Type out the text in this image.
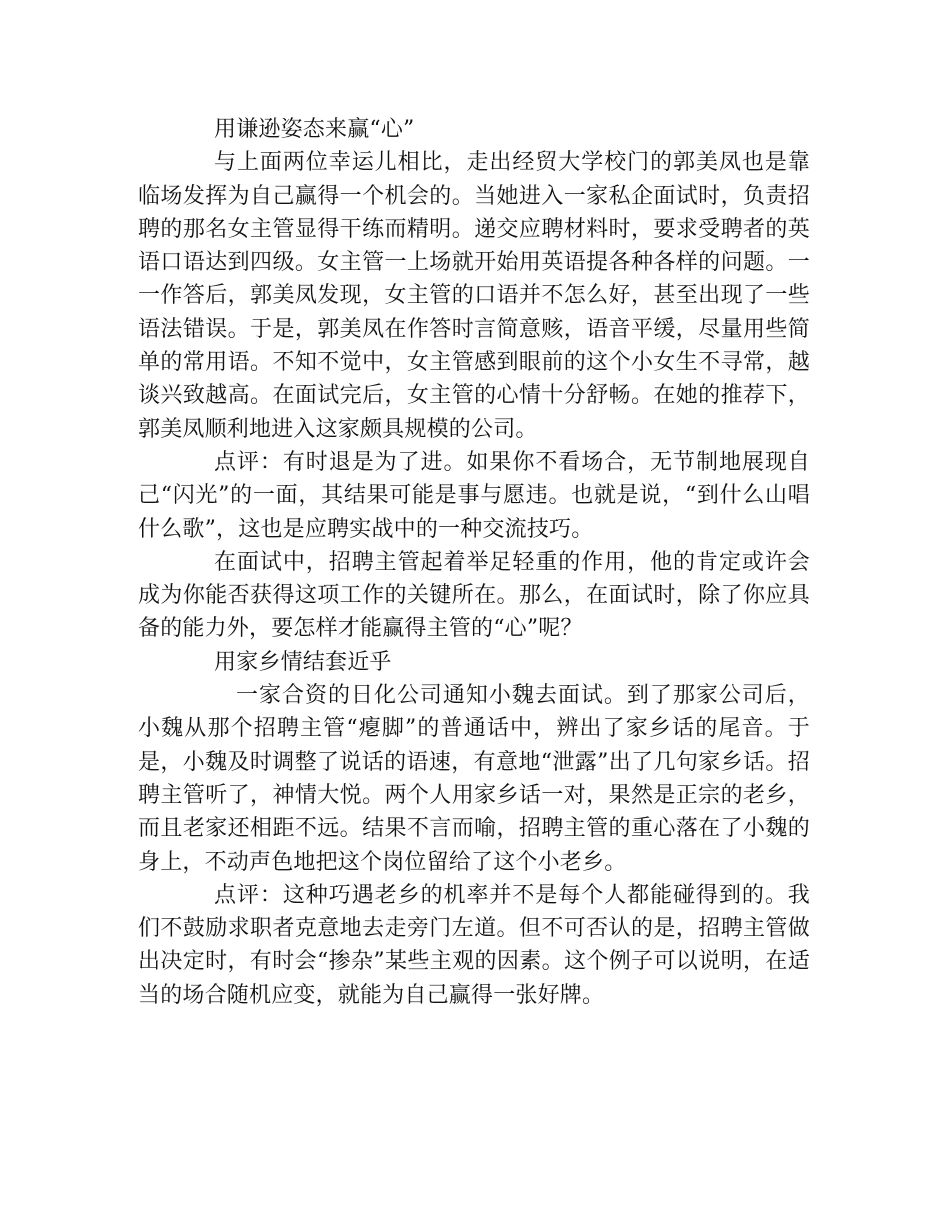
用谦逊姿态来赢“心”

与上面两位幸运儿相比，走出经贸大学校门的郭美凤也是靠临场发挥为自己赢得一个机会的。当她进入一家私企面试时，负责招聘的那名女主管显得干练而精明。递交应聘材料时，要求受聘者的英语口语达到四级。女主管一上场就开始用英语提各种各样的问题。一一作答后，郭美凤发现，女主管的口语并不怎么好，甚至出现了一些语法错误。于是，郭美凤在作答时言简意赅，语音平缓，尽量用些简单的常用语。不知不觉中，女主管感到眼前的这个小女生不寻常，越谈兴致越高。在面试完后，女主管的心情十分舒畅。在她的推荐下，郭美凤顺利地进入这家颇具规模的公司。

点评：有时退是为了进。如果你不看场合，无节制地展现自己“闪光”的一面，其结果可能是事与愿违。也就是说，“到什么山唱什么歌”，这也是应聘实战中的一种交流技巧。

在面试中，招聘主管起着举足轻重的作用，他的肯定或许会成为你能否获得这项工作的关键所在。那么，在面试时，除了你应具备的能力外，要怎样才能赢得主管的“心”呢？

用家乡情结套近乎

一家合资的日化公司通知小魏去面试。到了那家公司后，小魏从那个招聘主管“瘪脚”的普通话中，辨出了家乡话的尾音。于是，小魏及时调整了说话的语速，有意地“泄露”出了几句家乡话。招聘主管听了，神情大悦。两个人用家乡话一对，果然是正宗的老乡，而且老家还相距不远。结果不言而喻，招聘主管的重心落在了小魏的身上，不动声色地把这个岗位留给了这个小老乡。

点评：这种巧遇老乡的机率并不是每个人都能碰得到的。我们不鼓励求职者克意地去走旁门左道。但不可否认的是，招聘主管做出决定时，有时会“掺杂”某些主观的因素。这个例子可以说明，在适当的场合随机应变，就能为自己赢得一张好牌。
